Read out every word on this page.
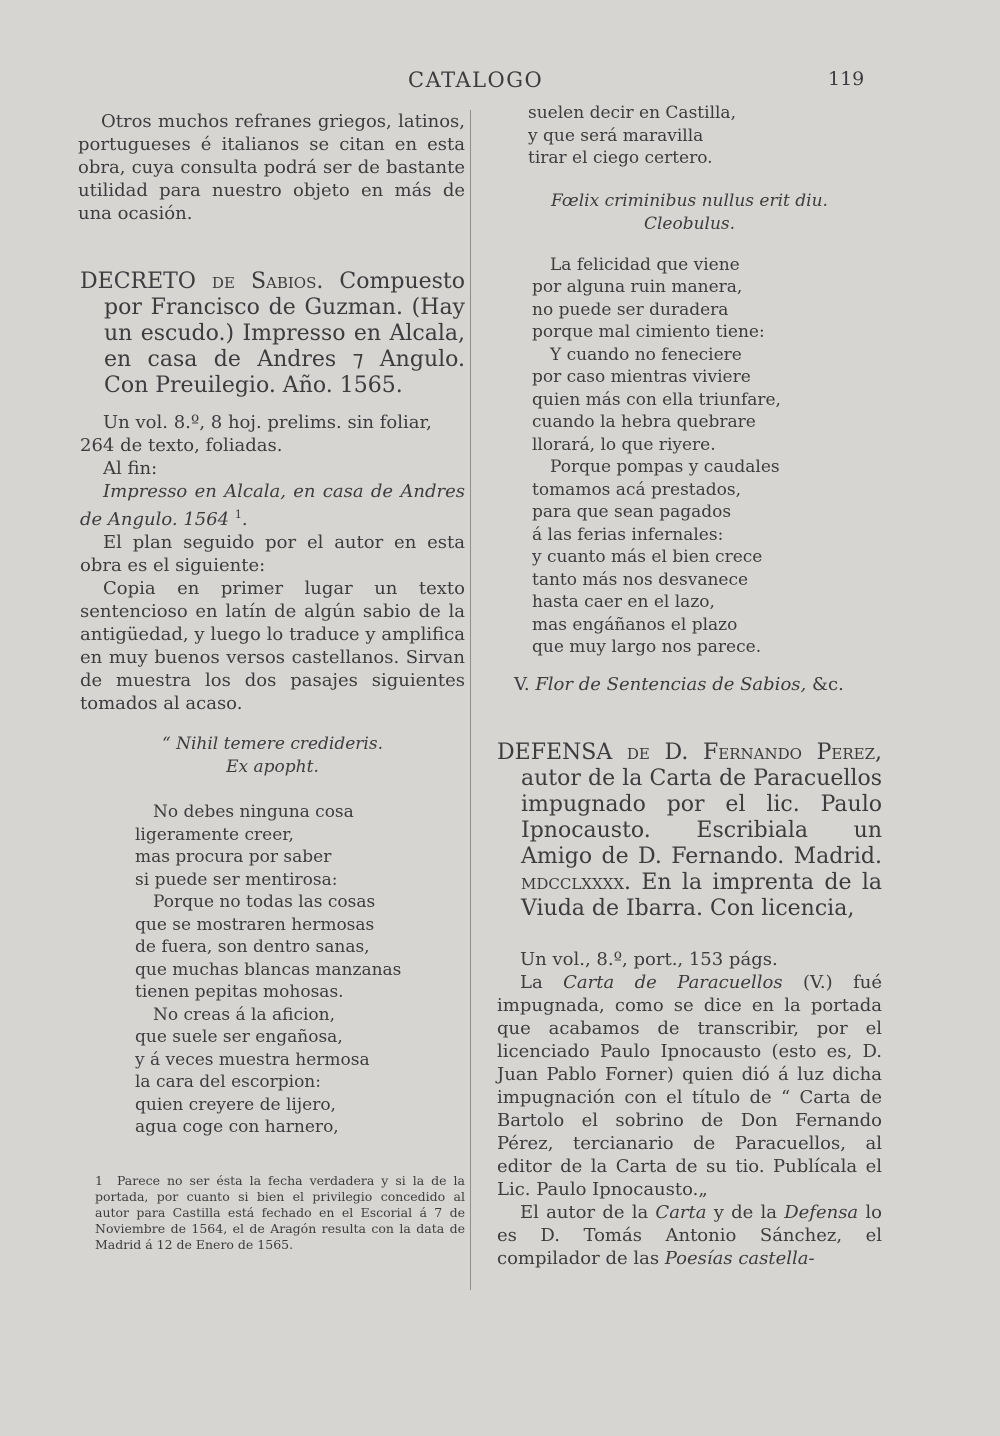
CATALOGO	119

Otros muchos refranes griegos, latinos, portugueses é italianos se citan en esta obra, cuya consulta podrá ser de bastante utilidad para nuestro objeto en más de una ocasión.

DECRETO de Sabios. Compuesto por Francisco de Guzman. (Hay un escudo.) Impresso en Alcala, en casa de Andres ⁊ Angulo. Con Preuilegio. Año. 1565.

Un vol. 8.º, 8 hoj. prelims. sin foliar, 264 de texto, foliadas.

Al fin:

Impresso en Alcala, en casa de Andres de Angulo. 1564 $^1$.

El plan seguido por el autor en esta obra es el siguiente:

Copia en primer lugar un texto sentencioso en latín de algún sabio de la antigüedad, y luego lo traduce y amplifica en muy buenos versos castellanos. Sirvan de muestra los dos pasajes siguientes tomados al acaso.

“ Nihil temere credideris.

Ex apopht.

No debes ninguna cosa
ligeramente creer,
mas procura por saber
si puede ser mentirosa:
Porque no todas las cosas
que se mostraren hermosas
de fuera, son dentro sanas,
que muchas blancas manzanas
tienen pepitas mohosas.
No creas á la aficion,
que suele ser engañosa,
y á veces muestra hermosa
la cara del escorpion:
quien creyere de lijero,
agua coge con harnero,

1 Parece no ser ésta la fecha verdadera y si la de la portada, por cuanto si bien el privilegio concedido al autor para Castilla está fechado en el Escorial á 7 de Noviembre de 1564, el de Aragón resulta con la data de Madrid á 12 de Enero de 1565.

suelen decir en Castilla,
y que será maravilla
tirar el ciego certero.

Fœlix criminibus nullus erit diu.

Cleobulus.

La felicidad que viene
por alguna ruin manera,
no puede ser duradera
porque mal cimiento tiene:
Y cuando no feneciere
por caso mientras viviere
quien más con ella triunfare,
cuando la hebra quebrare
llorará, lo que riyere.
Porque pompas y caudales
tomamos acá prestados,
para que sean pagados
á las ferias infernales:
y cuanto más el bien crece
tanto más nos desvanece
hasta caer en el lazo,
mas engáñanos el plazo
que muy largo nos parece.

V. Flor de Sentencias de Sabios, &c.

DEFENSA de D. Fernando Perez, autor de la Carta de Paracuellos impugnado por el lic. Paulo Ipnocausto. Escribiala un Amigo de D. Fernando. Madrid. mdcclxxxx. En la imprenta de la Viuda de Ibarra. Con licencia,

Un vol., 8.º, port., 153 págs.

La Carta de Paracuellos (V.) fué impugnada, como se dice en la portada que acabamos de transcribir, por el licenciado Paulo Ipnocausto (esto es, D. Juan Pablo Forner) quien dió á luz dicha impugnación con el título de “ Carta de Bartolo el sobrino de Don Fernando Pérez, tercianario de Paracuellos, al editor de la Carta de su tio. Publícala el Lic. Paulo Ipnocausto.„

El autor de la Carta y de la Defensa lo es D. Tomás Antonio Sánchez, el compilador de las Poesías castella-
